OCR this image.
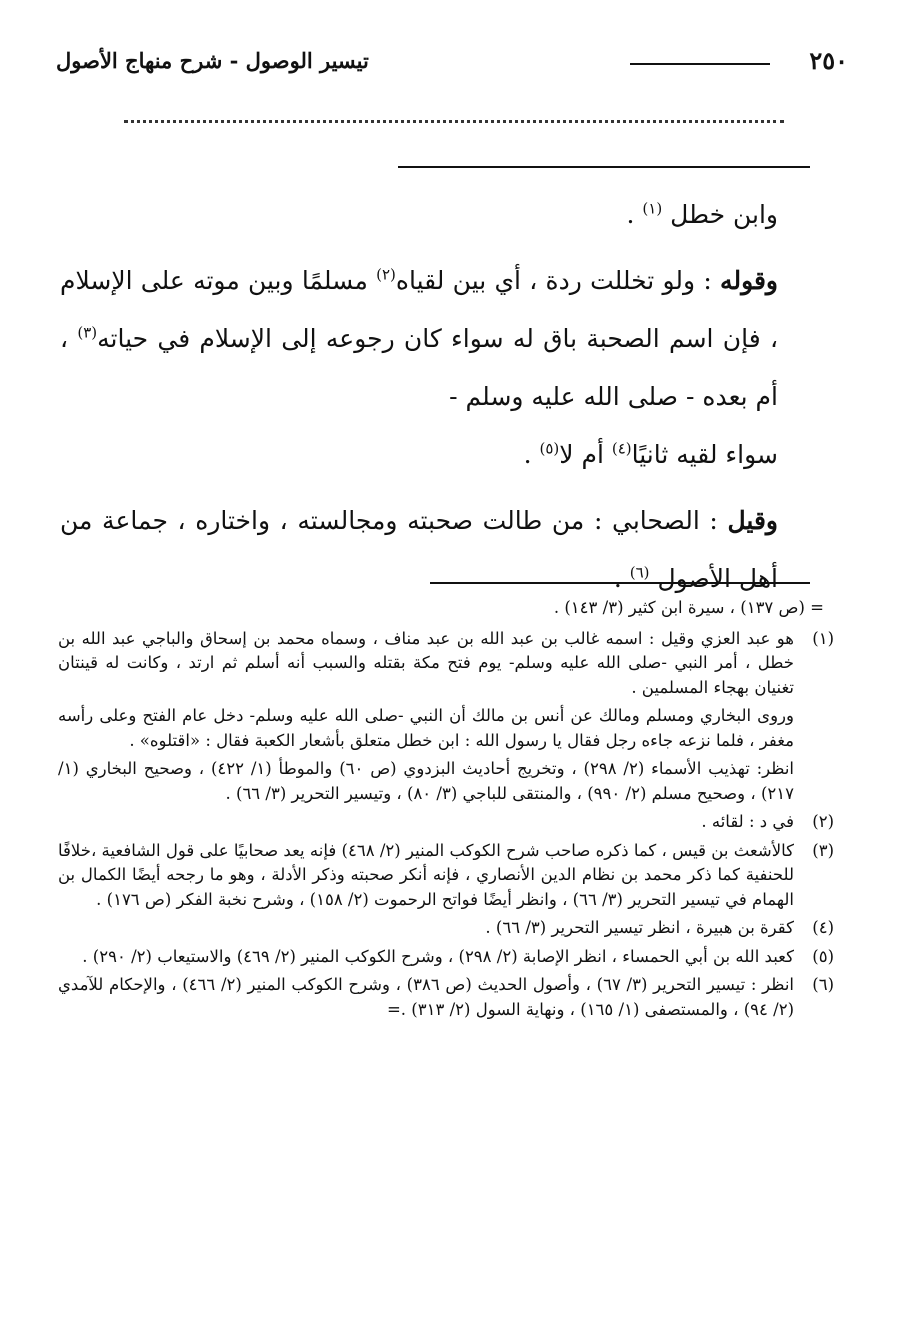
٢٥٠
تيسير الوصول - شرح منهاج الأصول

وابن خطل $^{(١)}$ .

وقوله : ولو تخللت ردة ، أي بين لقياه$^{(٢)}$ مسلمًا وبين موته على الإسلام ، فإن اسم الصحبة باق له سواء كان رجوعه إلى الإسلام في حياته$^{(٣)}$ ، أم بعده - صلى الله عليه وسلم -

سواء لقيه ثانيًا$^{(٤)}$ أم لا$^{(٥)}$ .

وقيل : الصحابي : من طالت صحبته ومجالسته ، واختاره ، جماعة من أهل الأصول $^{(٦)}$ .

= (ص ١٣٧) ، سيرة ابن كثير (٣/ ١٤٣) .

(١)
هو عبد العزي وقيل : اسمه غالب بن عبد الله بن عبد مناف ، وسماه محمد بن إسحاق والباجي عبد الله بن خطل ، أمر النبي -صلى الله عليه وسلم- يوم فتح مكة بقتله والسبب أنه أسلم ثم ارتد ، وكانت له قينتان تغنيان بهجاء المسلمين .

وروى البخاري ومسلم ومالك عن أنس بن مالك أن النبي -صلى الله عليه وسلم- دخل عام الفتح وعلى رأسه مغفر ، فلما نزعه جاءه رجل فقال يا رسول الله : ابن خطل متعلق بأشعار الكعبة فقال : «اقتلوه» .

انظر: تهذيب الأسماء (٢/ ٢٩٨) ، وتخريج أحاديث البزدوي (ص ٦٠) والموطأ (١/ ٤٢٢) ، وصحيح البخاري (١/ ٢١٧) ، وصحيح مسلم (٢/ ٩٩٠) ، والمنتقى للباجي (٣/ ٨٠) ، وتيسير التحرير (٣/ ٦٦) .

(٢)
في د : لقائه .

(٣)
كالأشعث بن قيس ، كما ذكره صاحب شرح الكوكب المنير (٢/ ٤٦٨) فإنه يعد صحابيًا على قول الشافعية ،خلافًا للحنفية كما ذكر محمد بن نظام الدين الأنصاري ، فإنه أنكر صحبته وذكر الأدلة ، وهو ما رجحه أيضًا الكمال بن الهمام في تيسير التحرير (٣/ ٦٦) ، وانظر أيضًا فواتح الرحموت (٢/ ١٥٨) ، وشرح نخبة الفكر (ص ١٧٦) .

(٤)
كقرة بن هبيرة ، انظر تيسير التحرير (٣/ ٦٦) .

(٥)
كعبد الله بن أبي الحمساء ، انظر الإصابة (٢/ ٢٩٨) ، وشرح الكوكب المنير (٢/ ٤٦٩) والاستيعاب (٢/ ٢٩٠) .

(٦)
انظر : تيسير التحرير (٣/ ٦٧) ، وأصول الحديث (ص ٣٨٦) ، وشرح الكوكب المنير (٢/ ٤٦٦) ، والإحكام للآمدي (٢/ ٩٤) ، والمستصفى (١/ ١٦٥) ، ونهاية السول (٢/ ٣١٣) .=
